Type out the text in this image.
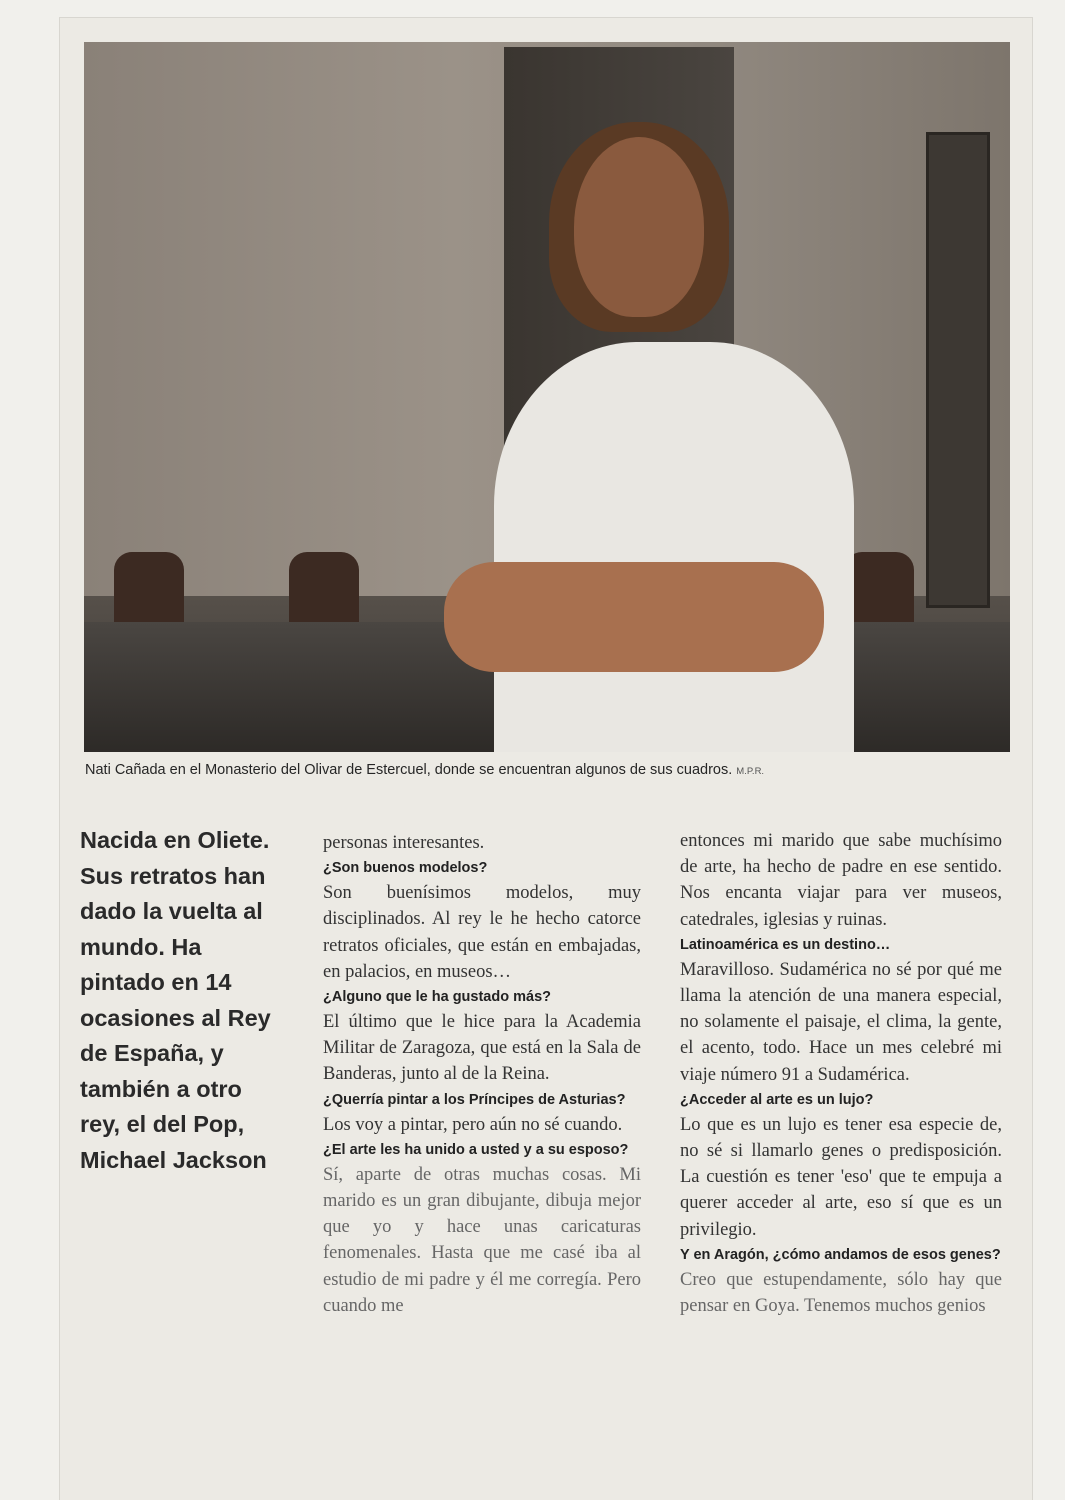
Nati Cañada en el Monasterio del Olivar de Estercuel, donde se encuentran algunos de sus cuadros. M.P.R.
Nacida en Oliete. Sus retratos han dado la vuelta al mundo. Ha pintado en 14 ocasiones al Rey de España, y también a otro rey, el del Pop, Michael Jackson

personas interesantes.

¿Son buenos modelos?

Son buenísimos modelos, muy disciplinados. Al rey le he hecho catorce retratos oficiales, que están en embajadas, en palacios, en museos…

¿Alguno que le ha gustado más?

El último que le hice para la Academia Militar de Zaragoza, que está en la Sala de Banderas, junto al de la Reina.

¿Querría pintar a los Príncipes de Asturias?

Los voy a pintar, pero aún no sé cuando.

¿El arte les ha unido a usted y a su esposo?

Sí, aparte de otras muchas cosas. Mi marido es un gran dibujante, dibuja mejor que yo y hace unas caricaturas fenomenales. Hasta que me casé iba al estudio de mi padre y él me corregía. Pero cuando me

entonces mi marido que sabe muchísimo de arte, ha hecho de padre en ese sentido. Nos encanta viajar para ver museos, catedrales, iglesias y ruinas.

Latinoamérica es un destino…

Maravilloso. Sudamérica no sé por qué me llama la atención de una manera especial, no solamente el paisaje, el clima, la gente, el acento, todo. Hace un mes celebré mi viaje número 91 a Sudamérica.

¿Acceder al arte es un lujo?

Lo que es un lujo es tener esa especie de, no sé si llamarlo genes o predisposición. La cuestión es tener 'eso' que te empuja a querer acceder al arte, eso sí que es un privilegio.

Y en Aragón, ¿cómo andamos de esos genes?

Creo que estupendamente, sólo hay que pensar en Goya. Tenemos muchos genios
